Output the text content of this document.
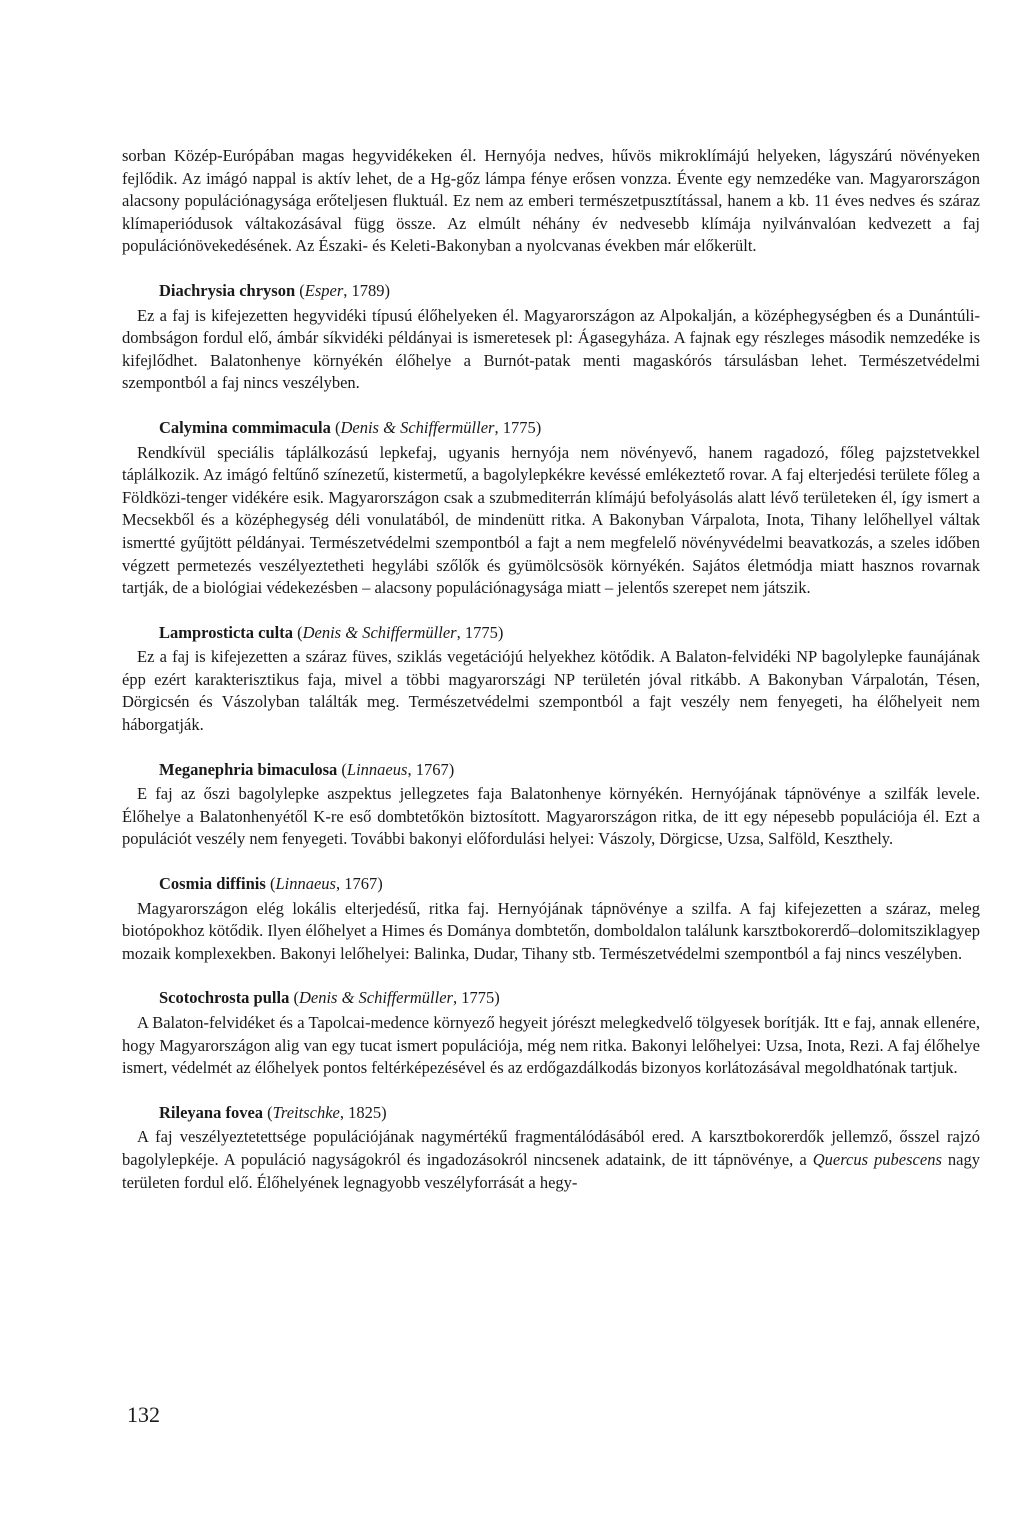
sorban Közép-Európában magas hegyvidékeken él. Hernyója nedves, hűvös mikroklímájú helyeken, lágyszárú növényeken fejlődik. Az imágó nappal is aktív lehet, de a Hg-gőz lámpa fénye erősen vonzza. Évente egy nemzedéke van. Magyarországon alacsony populációnagysága erőteljesen fluktuál. Ez nem az emberi természetpusztítással, hanem a kb. 11 éves nedves és száraz klímaperiódusok váltakozásával függ össze. Az elmúlt néhány év nedvesebb klímája nyilvánvalóan kedvezett a faj populációnövekedésének. Az Északi- és Keleti-Bakonyban a nyolcvanas években már előkerült.

Diachrysia chryson (Esper, 1789)

Ez a faj is kifejezetten hegyvidéki típusú élőhelyeken él. Magyarországon az Alpokalján, a középhegységben és a Dunántúli-dombságon fordul elő, ámbár síkvidéki példányai is ismeretesek pl: Ágasegyháza. A fajnak egy részleges második nemzedéke is kifejlődhet. Balatonhenye környékén élőhelye a Burnót-patak menti magaskórós társulásban lehet. Természetvédelmi szempontból a faj nincs veszélyben.

Calymina commimacula (Denis & Schiffermüller, 1775)

Rendkívül speciális táplálkozású lepkefaj, ugyanis hernyója nem növényevő, hanem ragadozó, főleg pajzstetvekkel táplálkozik. Az imágó feltűnő színezetű, kistermetű, a bagolylepkékre kevéssé emlékeztető rovar. A faj elterjedési területe főleg a Földközi-tenger vidékére esik. Magyarországon csak a szubmediterrán klímájú befolyásolás alatt lévő területeken él, így ismert a Mecsekből és a középhegység déli vonulatából, de mindenütt ritka. A Bakonyban Várpalota, Inota, Tihany lelőhellyel váltak ismertté gyűjtött példányai. Természetvédelmi szempontból a fajt a nem megfelelő növényvédelmi beavatkozás, a szeles időben végzett permetezés veszélyeztetheti hegylábi szőlők és gyümölcsösök környékén. Sajátos életmódja miatt hasznos rovarnak tartják, de a biológiai védekezésben – alacsony populációnagysága miatt – jelentős szerepet nem játszik.

Lamprosticta culta (Denis & Schiffermüller, 1775)

Ez a faj is kifejezetten a száraz füves, sziklás vegetációjú helyekhez kötődik. A Balaton-felvidéki NP bagolylepke faunájának épp ezért karakterisztikus faja, mivel a többi magyarországi NP területén jóval ritkább. A Bakonyban Várpalotán, Tésen, Dörgicsén és Vászolyban találták meg. Természetvédelmi szempontból a fajt veszély nem fenyegeti, ha élőhelyeit nem háborgatják.

Meganephria bimaculosa (Linnaeus, 1767)

E faj az őszi bagolylepke aszpektus jellegzetes faja Balatonhenye környékén. Hernyójának tápnövénye a szilfák levele. Élőhelye a Balatonhenyétől K-re eső dombtetőkön biztosított. Magyarországon ritka, de itt egy népesebb populációja él. Ezt a populációt veszély nem fenyegeti. További bakonyi előfordulási helyei: Vászoly, Dörgicse, Uzsa, Salföld, Keszthely.

Cosmia diffinis (Linnaeus, 1767)

Magyarországon elég lokális elterjedésű, ritka faj. Hernyójának tápnövénye a szilfa. A faj kifejezetten a száraz, meleg biotópokhoz kötődik. Ilyen élőhelyet a Himes és Dománya dombtetőn, domboldalon találunk karsztbokorerdő–dolomitsziklagyep mozaik komplexekben. Bakonyi lelőhelyei: Balinka, Dudar, Tihany stb. Természetvédelmi szempontból a faj nincs veszélyben.

Scotochrosta pulla (Denis & Schiffermüller, 1775)

A Balaton-felvidéket és a Tapolcai-medence környező hegyeit jórészt melegkedvelő tölgyesek borítják. Itt e faj, annak ellenére, hogy Magyarországon alig van egy tucat ismert populációja, még nem ritka. Bakonyi lelőhelyei: Uzsa, Inota, Rezi. A faj élőhelye ismert, védelmét az élőhelyek pontos feltérképezésével és az erdőgazdálkodás bizonyos korlátozásával megoldhatónak tartjuk.

Rileyana fovea (Treitschke, 1825)

A faj veszélyeztetettsége populációjának nagymértékű fragmentálódásából ered. A karsztbokorerdők jellemző, ősszel rajzó bagolylepkéje. A populáció nagyságokról és ingadozásokról nincsenek adataink, de itt tápnövénye, a Quercus pubescens nagy területen fordul elő. Élőhelyének legnagyobb veszélyforrását a hegy-

132
